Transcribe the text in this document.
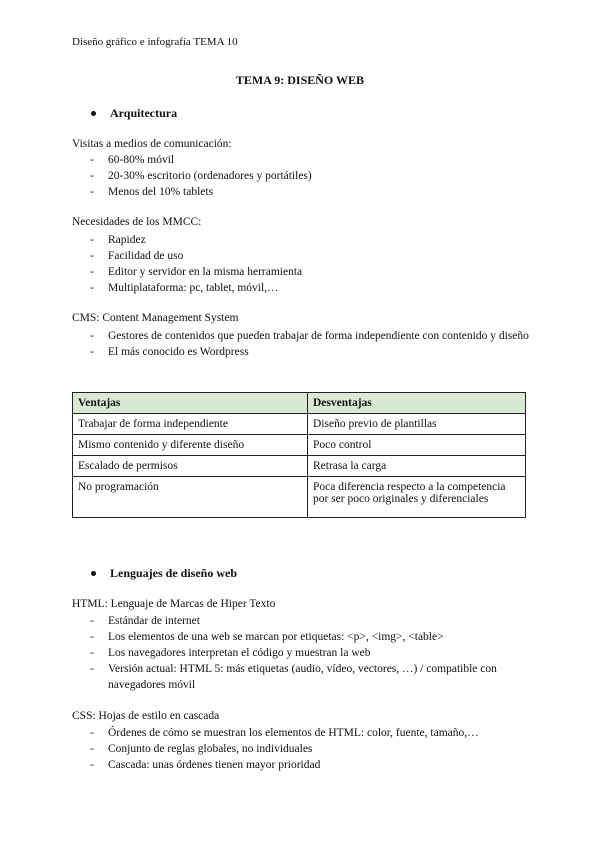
Diseño gráfico e infografía TEMA 10
TEMA 9: DISEÑO WEB
Arquitectura
Visitas a medios de comunicación:
- 60-80% móvil
- 20-30% escritorio (ordenadores y portátiles)
- Menos del 10% tablets
Necesidades de los MMCC:
- Rapidez
- Facilidad de uso
- Editor y servidor en la misma herramienta
- Multiplataforma: pc, tablet, móvil,…
CMS: Content Management System
- Gestores de contenidos que pueden trabajar de forma independiente con contenido y diseño
- El más conocido es Wordpress
Ventajas	Desventajas
Trabajar de forma independiente	Diseño previo de plantillas
Mismo contenido y diferente diseño	Poco control
Escalado de permisos	Retrasa la carga
No programación	Poca diferencia respecto a la competencia por ser poco originales y diferenciales
Lenguajes de diseño web
HTML: Lenguaje de Marcas de Hiper Texto
- Estándar de internet
- Los elementos de una web se marcan por etiquetas: <p>, <img>, <table>
- Los navegadores interpretan el código y muestran la web
- Versión actual: HTML 5: más etiquetas (audio, vídeo, vectores, …) / compatible con navegadores móvil
CSS: Hojas de estilo en cascada
- Órdenes de cómo se muestran los elementos de HTML: color, fuente, tamaño,…
- Conjunto de reglas globales, no individuales
- Cascada: unas órdenes tienen mayor prioridad
